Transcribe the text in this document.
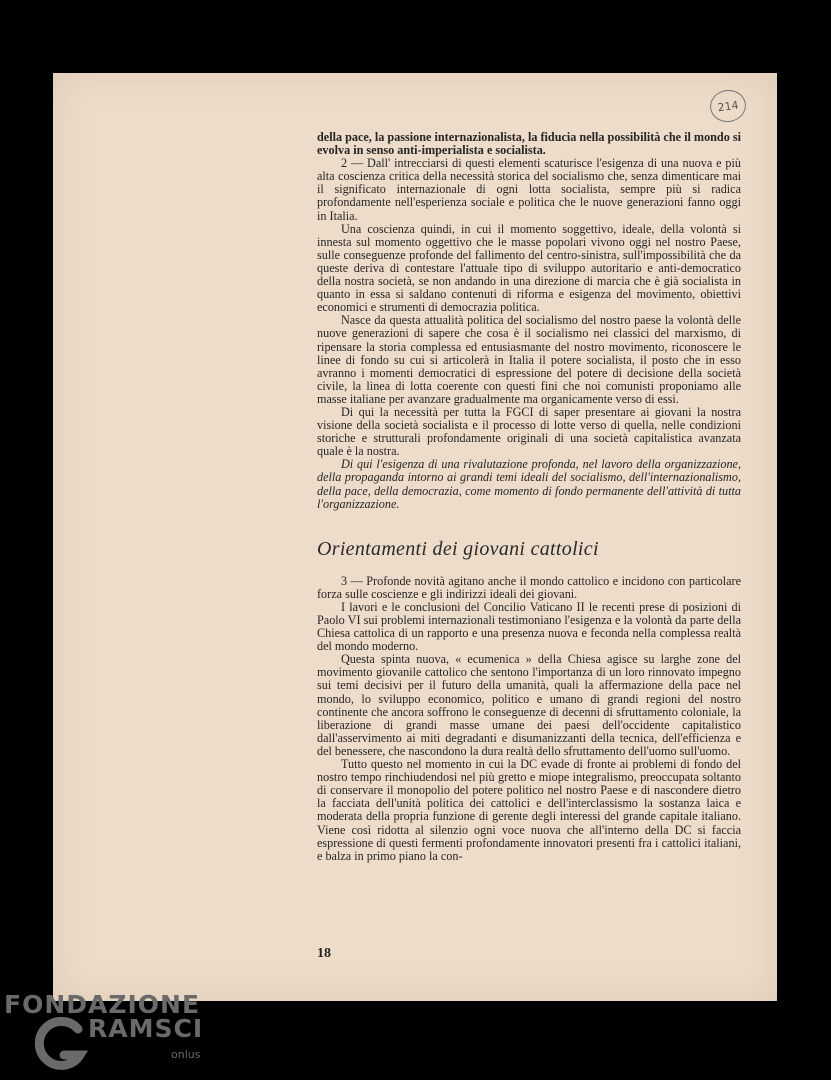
214

della pace, la passione internazionalista, la fiducia nella possibilità che il mondo si evolva in senso anti-imperialista e socialista.

2 — Dall' intrecciarsi di questi elementi scaturisce l'esigenza di una nuova e più alta coscienza critica della necessità storica del socialismo che, senza dimenticare mai il significato internazionale di ogni lotta socialista, sempre più si radica profondamente nell'esperienza sociale e politica che le nuove generazioni fanno oggi in Italia.

Una coscienza quindi, in cui il momento soggettivo, ideale, della volontà si innesta sul momento oggettivo che le masse popolari vivono oggi nel nostro Paese, sulle conseguenze profonde del fallimento del centro-sinistra, sull'impossibilità che da queste deriva di contestare l'attuale tipo di sviluppo autoritario e anti-democratico della nostra società, se non andando in una direzione di marcia che è già socialista in quanto in essa si saldano contenuti di riforma e esigenza del movimento, obiettivi economici e strumenti di democrazia politica.

Nasce da questa attualità politica del socialismo del nostro paese la volontà delle nuove generazioni di sapere che cosa è il socialismo nei classici del marxismo, di ripensare la storia complessa ed entusiasmante del nostro movimento, riconoscere le linee di fondo su cui si articolerà in Italia il potere socialista, il posto che in esso avranno i momenti democratici di espressione del potere di decisione della società civile, la linea di lotta coerente con questi fini che noi comunisti proponiamo alle masse italiane per avanzare gradualmente ma organicamente verso di essi.

Di qui la necessità per tutta la FGCI di saper presentare ai giovani la nostra visione della società socialista e il processo di lotte verso di quella, nelle condizioni storiche e strutturali profondamente originali di una società capitalistica avanzata quale è la nostra.

Di qui l'esigenza di una rivalutazione profonda, nel lavoro della organizzazione, della propaganda intorno ai grandi temi ideali del socialismo, dell'internazionalismo, della pace, della democrazia, come momento di fondo permanente dell'attività di tutta l'organizzazione.

Orientamenti dei giovani cattolici

3 — Profonde novità agitano anche il mondo cattolico e incidono con particolare forza sulle coscienze e gli indirizzi ideali dei giovani.

I lavori e le conclusioni del Concilio Vaticano II le recenti prese di posizioni di Paolo VI sui problemi internazionali testimoniano l'esigenza e la volontà da parte della Chiesa cattolica di un rapporto e una presenza nuova e feconda nella complessa realtà del mondo moderno.

Questa spinta nuova, « ecumenica » della Chiesa agisce su larghe zone del movimento giovanile cattolico che sentono l'importanza di un loro rinnovato impegno sui temi decisivi per il futuro della umanità, quali la affermazione della pace nel mondo, lo sviluppo economico, politico e umano di grandi regioni del nostro continente che ancora soffrono le conseguenze di decenni di sfruttamento coloniale, la liberazione di grandi masse umane dei paesi dell'occidente capitalistico dall'asservimento ai miti degradanti e disumanizzanti della tecnica, dell'efficienza e del benessere, che nascondono la dura realtà dello sfruttamento dell'uomo sull'uomo.

Tutto questo nel momento in cui la DC evade di fronte ai problemi di fondo del nostro tempo rinchiudendosi nel più gretto e miope integralismo, preoccupata soltanto di conservare il monopolio del potere politico nel nostro Paese e di nascondere dietro la facciata dell'unità politica dei cattolici e dell'interclassismo la sostanza laica e moderata della propria funzione di gerente degli interessi del grande capitale italiano. Viene così ridotta al silenzio ogni voce nuova che all'interno della DC si faccia espressione di questi fermenti profondamente innovatori presenti fra i cattolici italiani, e balza in primo piano la con-

18
FONDAZIONE
RAMSCI
onlus
